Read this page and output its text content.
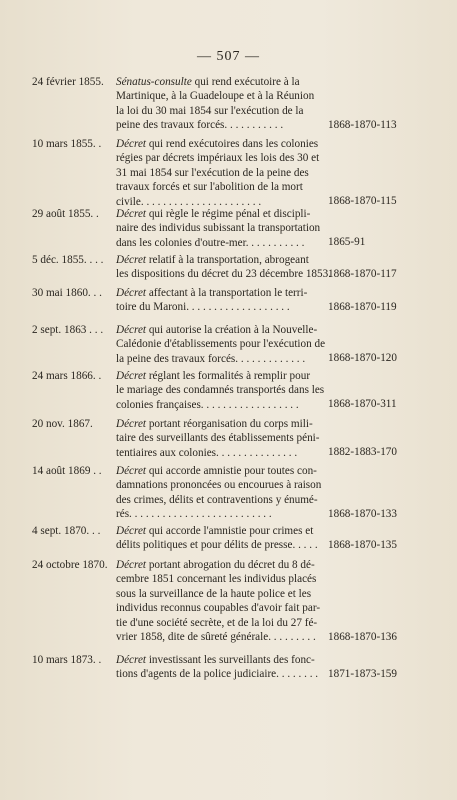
— 507 —
24 février 1855.	Sénatus-consulte qui rend exécutoire à la
Martinique, à la Guadeloupe et à la Réunion
la loi du 30 mai 1854 sur l'exécution de la
peine des travaux forcés. . . . . . . . . . .	1868-1870-113
10 mars 1855. .	Décret qui rend exécutoires dans les colonies
régies par décrets impériaux les lois des 30 et
31 mai 1854 sur l'exécution de la peine des
travaux forcés et sur l'abolition de la mort
civile. . . . . . . . . . . . . . . . . . . . . .	1868-1870-115
29 août 1855. .	Décret qui règle le régime pénal et discipli-
naire des individus subissant la transportation
dans les colonies d'outre-mer. . . . . . . . . . .	1865-91
5 déc. 1855. . . .	Décret relatif à la transportation, abrogeant
les dispositions du décret du 23 décembre 1853.
1868-1870-117
30 mai 1860. . .	Décret affectant à la transportation le terri-
toire du Maroni. . . . . . . . . . . . . . . . . . .	1868-1870-119
2 sept. 1863 . . .	Décret qui autorise la création à la Nouvelle-
Calédonie d'établissements pour l'exécution de
la peine des travaux forcés. . . . . . . . . . . . .	1868-1870-120
24 mars 1866. .	Décret réglant les formalités à remplir pour
le mariage des condamnés transportés dans les
colonies françaises. . . . . . . . . . . . . . . . . .	1868-1870-311
20 nov. 1867.	Décret portant réorganisation du corps mili-
taire des surveillants des établissements péni-
tentiaires aux colonies. . . . . . . . . . . . . . .	1882-1883-170
14 août 1869 . .	Décret qui accorde amnistie pour toutes con-
damnations prononcées ou encourues à raison
des crimes, délits et contraventions y énumé-
rés. . . . . . . . . . . . . . . . . . . . . . . . . .	1868-1870-133
4 sept. 1870. . .	Décret qui accorde l'amnistie pour crimes et
délits politiques et pour délits de presse. . . . . 1868-1870-135
24 octobre 1870. Décret portant abrogation du décret du 8 dé-
cembre 1851 concernant les individus placés
sous la surveillance de la haute police et les
individus reconnus coupables d'avoir fait par-
tie d'une société secrète, et de la loi du 27 fé-
vrier 1858, dite de sûreté générale. . . . . . . . .	1868-1870-136
10 mars 1873. .	Décret investissant les surveillants des fonc-
tions d'agents de la police judiciaire. . . . . . . . 1871-1873-159
